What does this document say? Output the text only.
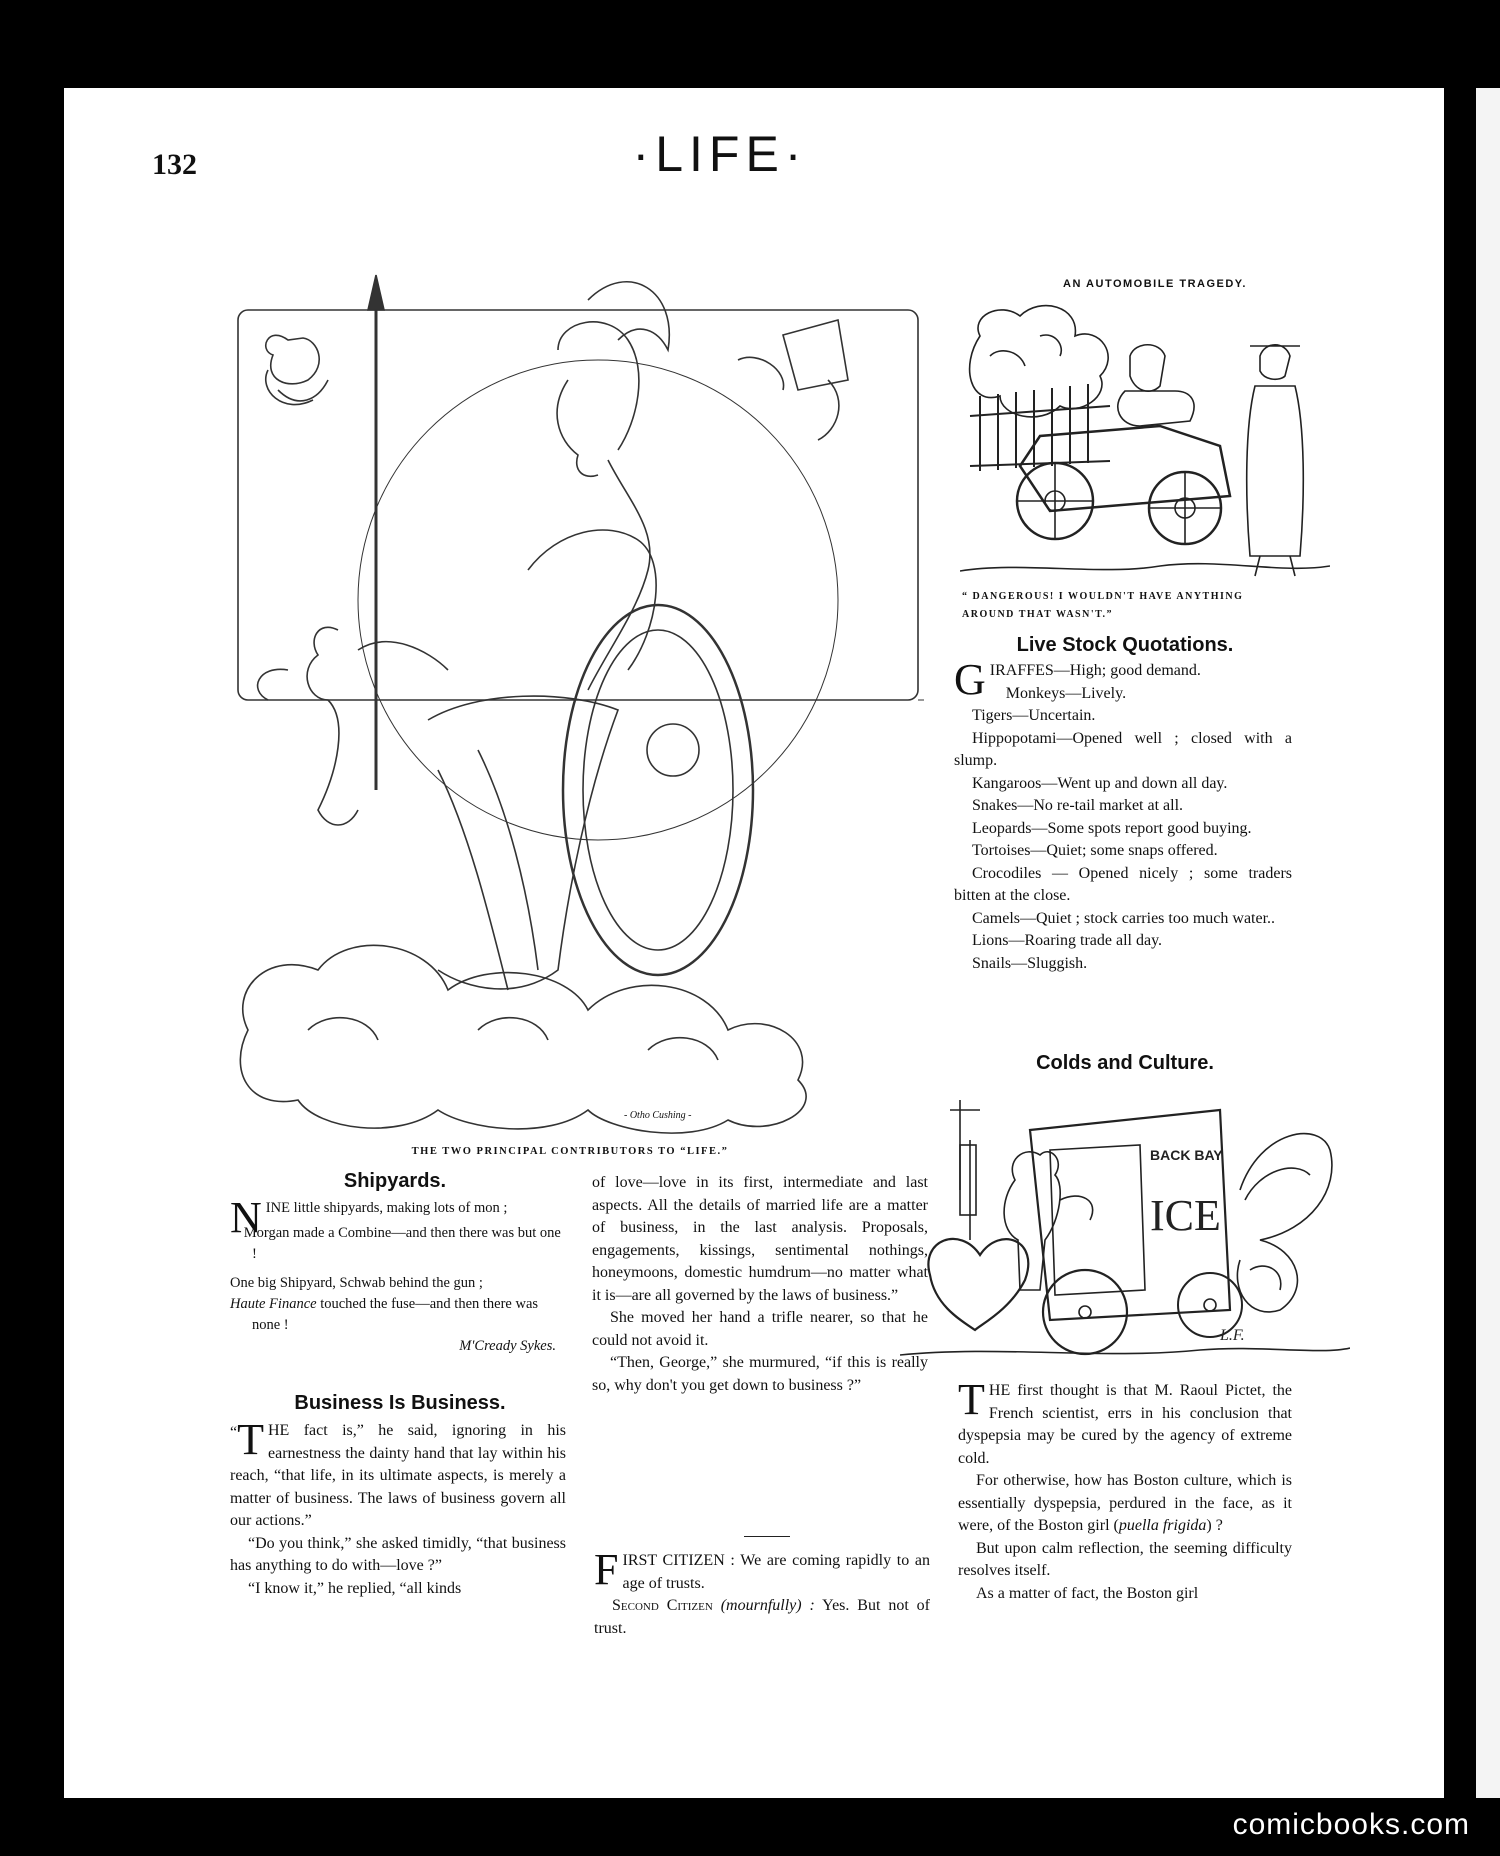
132	·LIFE·
- Otho Cushing -
THE TWO PRINCIPAL CONTRIBUTORS TO “LIFE.”
AN AUTOMOBILE TRAGEDY.
“ DANGEROUS! I WOULDN'T HAVE ANYTHING AROUND THAT WASN'T.”
Live Stock Quotations.

GIRAFFES—High; good demand.

Monkeys—Lively.

Tigers—Uncertain.

Hippopotami—Opened well ; closed with a slump.

Kangaroos—Went up and down all day.

Snakes—No re-tail market at all.

Leopards—Some spots report good buying.

Tortoises—Quiet; some snaps offered.

Crocodiles — Opened nicely ; some traders bitten at the close.

Camels—Quiet ; stock carries too much water..

Lions—Roaring trade all day.

Snails—Sluggish.

Colds and Culture.
BACK BAY
ICE
L.F.

THE first thought is that M. Raoul Pictet, the French scientist, errs in his conclusion that dyspepsia may be cured by the agency of extreme cold.

For otherwise, how has Boston culture, which is essentially dyspepsia, perdured in the face, as it were, of the Boston girl (puella frigida) ?

But upon calm reflection, the seeming difficulty resolves itself.

As a matter of fact, the Boston girl

Shipyards.

NINE little shipyards, making lots of mon ;

Morgan made a Combine—and then there was but one !

One big Shipyard, Schwab behind the gun ;

Haute Finance touched the fuse—and then there was none !

M'Cready Sykes.

Business Is Business.

“ T HE fact is,” he said, ignoring in his earnestness the dainty hand that lay within his reach, “that life, in its ultimate aspects, is merely a matter of business. The laws of business govern all our actions.”

“Do you think,” she asked timidly, “that business has anything to do with—love ?”

“I know it,” he replied, “all kinds

of love—love in its first, intermediate and last aspects. All the details of married life are a matter of business, in the last analysis. Proposals, engagements, kissings, sentimental nothings, honeymoons, domestic humdrum—no matter what it is—are all governed by the laws of business.”

She moved her hand a trifle nearer, so that he could not avoid it.

“Then, George,” she murmured, “if this is really so, why don't you get down to business ?”

FIRST CITIZEN : We are coming rapidly to an age of trusts.

Second Citizen (mournfully) : Yes. But not of trust.

comicbooks.com
